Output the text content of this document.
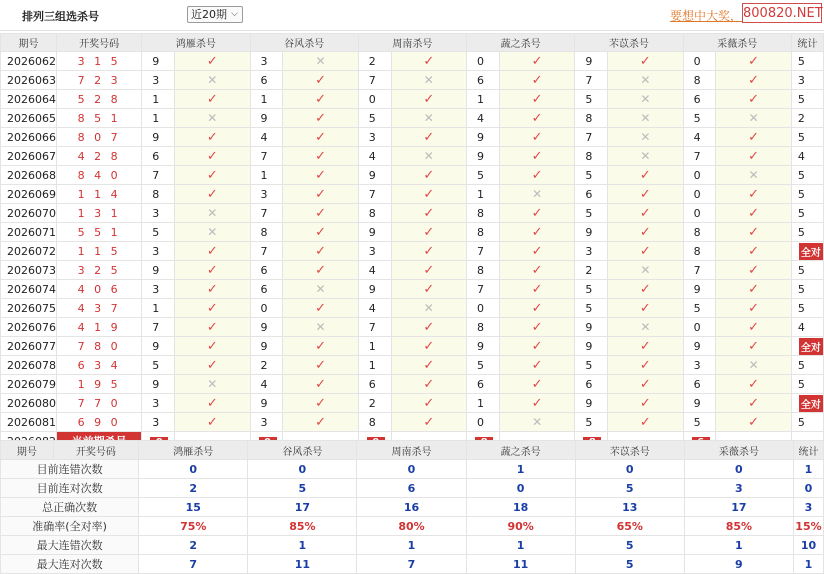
排列三组选杀号	近20期 ⌵	要想中大奖， 800820.NET
期号	开奖号码	鸿雁杀号		谷风杀号		周南杀号		蔬之杀号		芣苡杀号		采薇杀号		统计
2026062	3 1 5	9	✓	3	✕	2	✓	0	✓	9	✓	0	✓	5
2026063	7 2 3	3	✕	6	✓	7	✕	6	✓	7	✕	8	✓	3
2026064	5 2 8	1	✓	1	✓	0	✓	1	✓	5	✕	6	✓	5
2026065	8 5 1	1	✕	9	✓	5	✕	4	✓	8	✕	5	✕	2
2026066	8 0 7	9	✓	4	✓	3	✓	9	✓	7	✕	4	✓	5
2026067	4 2 8	6	✓	7	✓	4	✕	9	✓	8	✕	7	✓	4
2026068	8 4 0	7	✓	1	✓	9	✓	5	✓	5	✓	0	✕	5
2026069	1 1 4	8	✓	3	✓	7	✓	1	✕	6	✓	0	✓	5
2026070	1 3 1	3	✕	7	✓	8	✓	8	✓	5	✓	0	✓	5
2026071	5 5 1	5	✕	8	✓	9	✓	8	✓	9	✓	8	✓	5
2026072	1 1 5	3	✓	7	✓	3	✓	7	✓	3	✓	8	✓	全对
2026073	3 2 5	9	✓	6	✓	4	✓	8	✓	2	✕	7	✓	5
2026074	4 0 6	3	✓	6	✕	9	✓	7	✓	5	✓	9	✓	5
2026075	4 3 7	1	✓	0	✓	4	✕	0	✓	5	✓	5	✓	5
2026076	4 1 9	7	✓	9	✕	7	✓	8	✓	9	✕	0	✓	4
2026077	7 8 0	9	✓	9	✓	1	✓	9	✓	9	✓	9	✓	全对
2026078	6 3 4	5	✓	2	✓	1	✓	5	✓	5	✓	3	✕	5
2026079	1 9 5	9	✕	4	✓	6	✓	6	✓	6	✓	6	✓	5
2026080	7 7 0	3	✓	9	✓	2	✓	1	✓	9	✓	9	✓	全对
2026081	6 9 0	3	✓	3	✓	8	✓	0	✕	5	✓	5	✓	5

期号	开奖号码	鸿雁杀号	谷风杀号	周南杀号	蔬之杀号	芣苡杀号	采薇杀号	统计
目前连错次数		0	0	0	1	0	0	1
目前连对次数		2	5	6	0	5	3	0
总正确次数		15	17	16	18	13	17	3
准确率(全对率)		75%	85%	80%	90%	65%	85%	15%
最大连错次数		2	1	1	1	5	1	10
最大连对次数		7	11	7	11	5	9	1
